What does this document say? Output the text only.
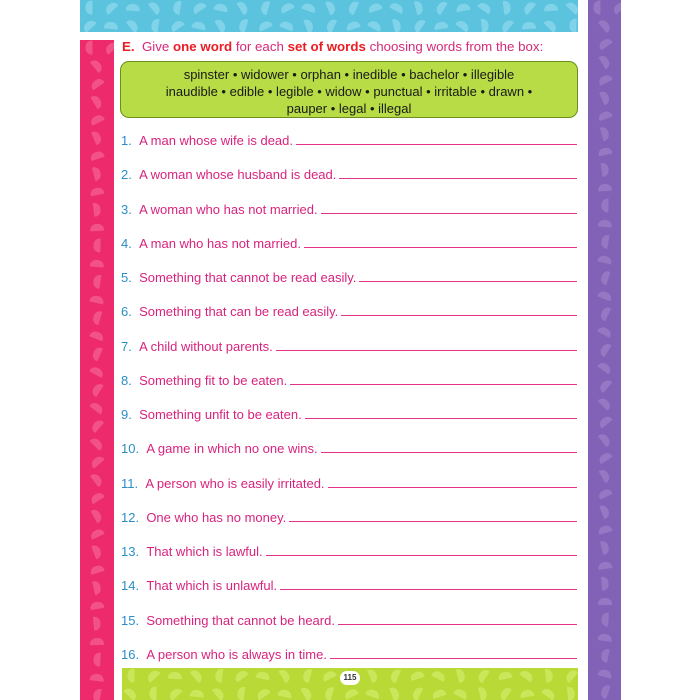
115

E. Give one word for each set of words choosing words from the box:

spinster • widower • orphan • inedible • bachelor • illegible

inaudible • edible • legible • widow • punctual • irritable • drawn •

pauper • legal • illegal

1.
A man whose wife is dead.
2.
A woman whose husband is dead.
3.
A woman who has not married.
4.
A man who has not married.
5.
Something that cannot be read easily.
6.
Something that can be read easily.
7.
A child without parents.
8.
Something fit to be eaten.
9.
Something unfit to be eaten.
10.
A game in which no one wins.
11.
A person who is easily irritated.
12.
One who has no money.
13.
That which is lawful.
14.
That which is unlawful.
15.
Something that cannot be heard.
16.
A person who is always in time.
